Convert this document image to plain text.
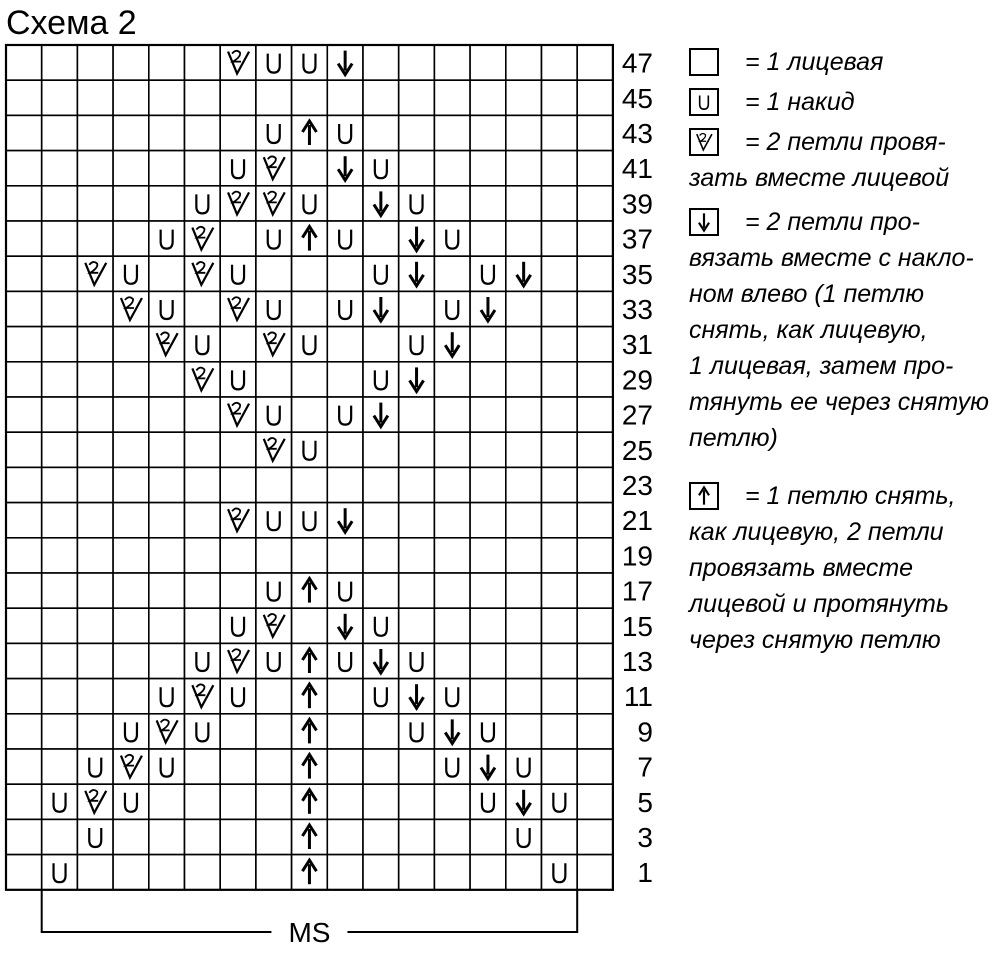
Схема 2
47
45
43
41
39
37
35
33
31
29
27
25
23
21
19
17
15
13
11
9
7
5
3
1
MS
= 1 лицевая
= 1 накид
= 2 петли провя-
зать вместе лицевой
= 2 петли про-
вязать вместе с накло-
ном влево (1 петлю
снять, как лицевую,
1 лицевая, затем про-
тянуть ее через снятую
петлю)
= 1 петлю снять,
как лицевую, 2 петли
провязать вместе
лицевой и протянуть
через снятую петлю
